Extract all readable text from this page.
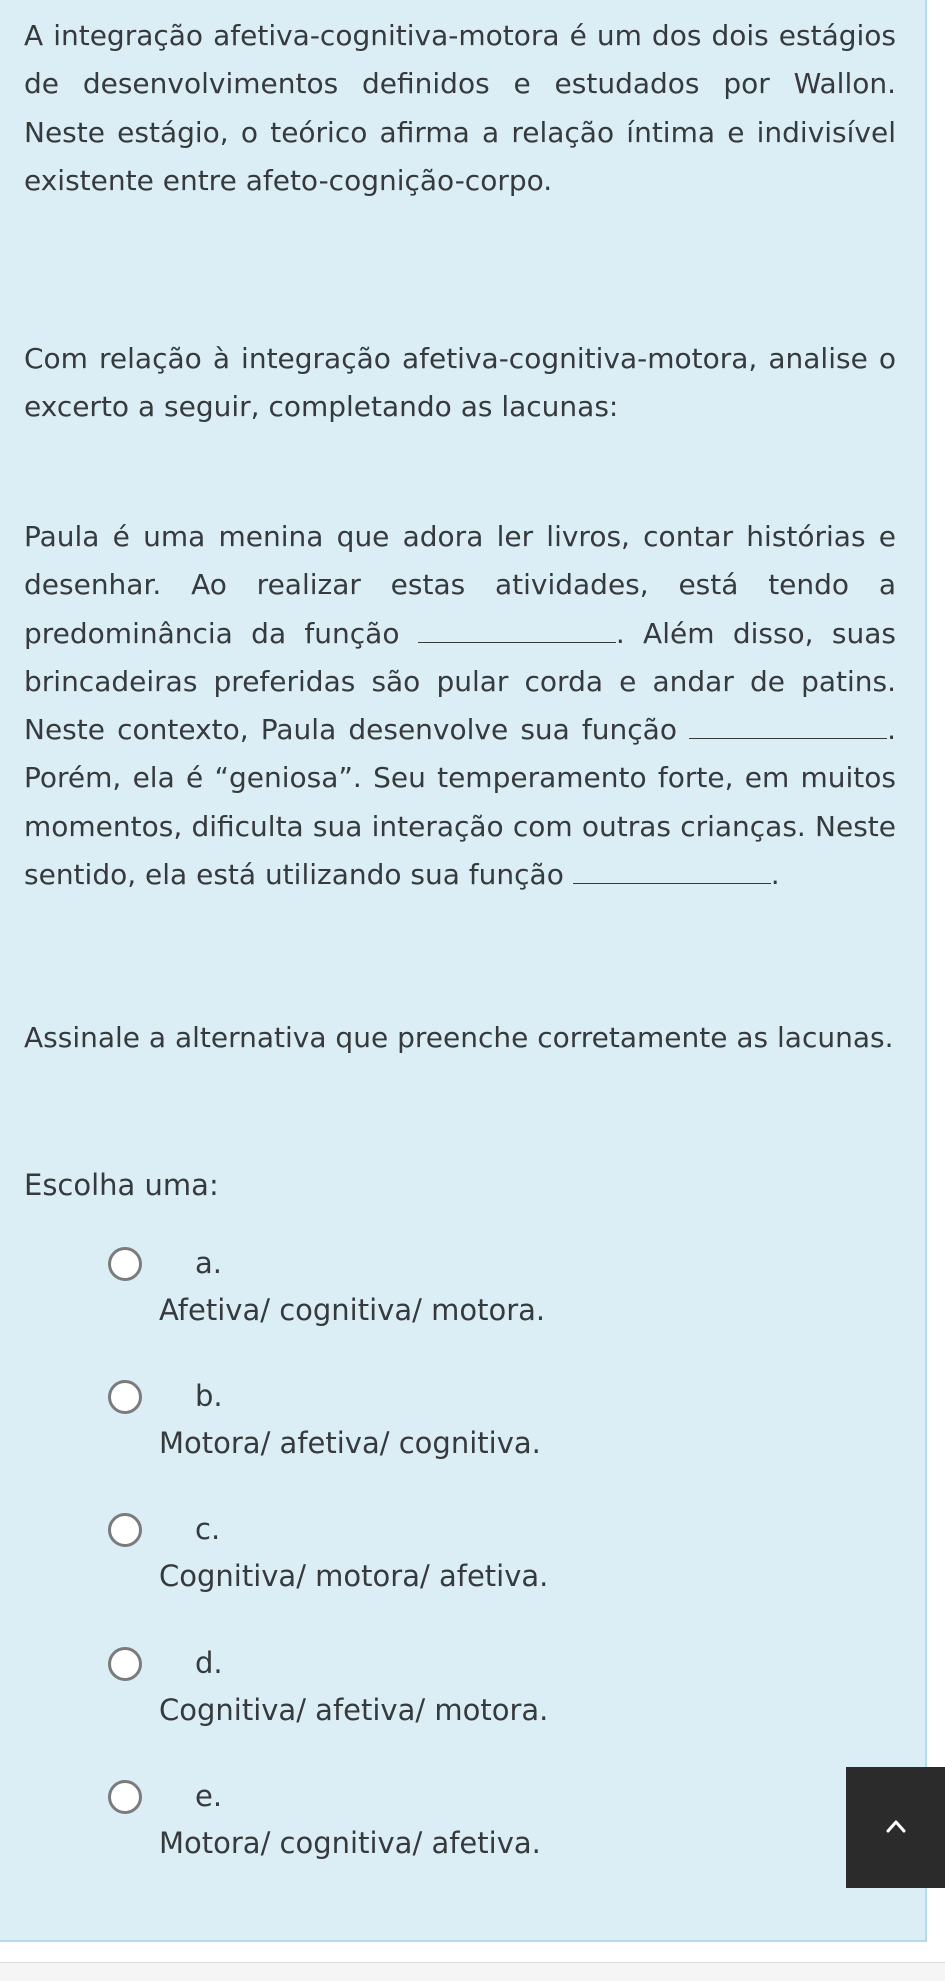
A integração afetiva-cognitiva-motora é um dos dois estágios de desenvolvimentos definidos e estudados por Wallon. Neste estágio, o teórico afirma a relação íntima e indivisível existente entre afeto-cognição-corpo.

Com relação à integração afetiva-cognitiva-motora, analise o excerto a seguir, completando as lacunas:

Paula é uma menina que adora ler livros, contar histórias e desenhar. Ao realizar estas atividades, está tendo a predominância da função	. Além disso, suas brincadeiras preferidas são pular corda e andar de patins. Neste contexto, Paula desenvolve sua função	. Porém, ela é “geniosa”. Seu temperamento forte, em muitos momentos, dificulta sua interação com outras crianças. Neste sentido, ela está utilizando sua função	.

Assinale a alternativa que preenche corretamente as lacunas.

Escolha uma:

a.
Afetiva/ cognitiva/ motora.
b.
Motora/ afetiva/ cognitiva.
c.
Cognitiva/ motora/ afetiva.
d.
Cognitiva/ afetiva/ motora.
e.
Motora/ cognitiva/ afetiva.
